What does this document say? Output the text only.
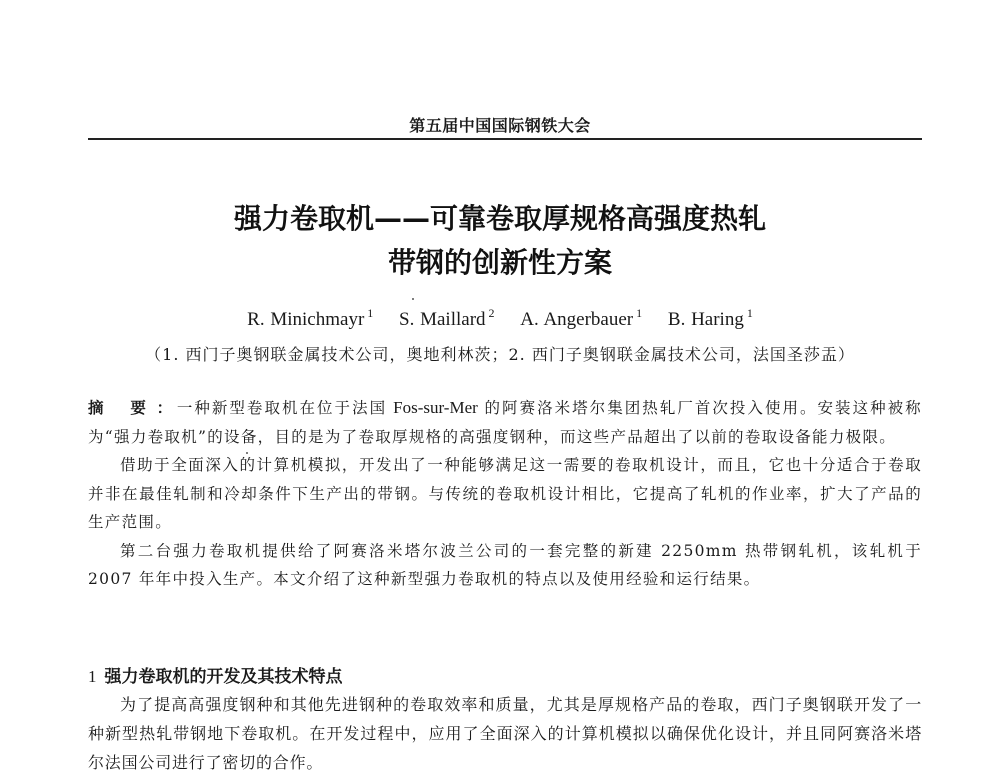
第五届中国国际钢铁大会
强力卷取机——可靠卷取厚规格高强度热轧
带钢的创新性方案
R. Minichmayr $^1$ S. Maillard $^2$ A. Angerbauer $^1$ B. Haring $^1$
（1. 西门子奥钢联金属技术公司，奥地利林茨；2. 西门子奥钢联金属技术公司，法国圣莎盂）

摘 要： 一种新型卷取机在位于法国 Fos-sur-Mer 的阿赛洛米塔尔集团热轧厂首次投入使用。安装这种被称为“强力卷取机”的设备，目的是为了卷取厚规格的高强度钢种，而这些产品超出了以前的卷取设备能力极限。

借助于全面深入的计算机模拟，开发出了一种能够满足这一需要的卷取机设计，而且，它也十分适合于卷取并非在最佳轧制和冷却条件下生产出的带钢。与传统的卷取机设计相比，它提高了轧机的作业率，扩大了产品的生产范围。

第二台强力卷取机提供给了阿赛洛米塔尔波兰公司的一套完整的新建 2250mm 热带钢轧机，该轧机于 2007 年年中投入生产。本文介绍了这种新型强力卷取机的特点以及使用经验和运行结果。

1 强力卷取机的开发及其技术特点

为了提高高强度钢种和其他先进钢种的卷取效率和质量，尤其是厚规格产品的卷取，西门子奥钢联开发了一种新型热轧带钢地下卷取机。在开发过程中，应用了全面深入的计算机模拟以确保优化设计，并且同阿赛洛米塔尔法国公司进行了密切的合作。
